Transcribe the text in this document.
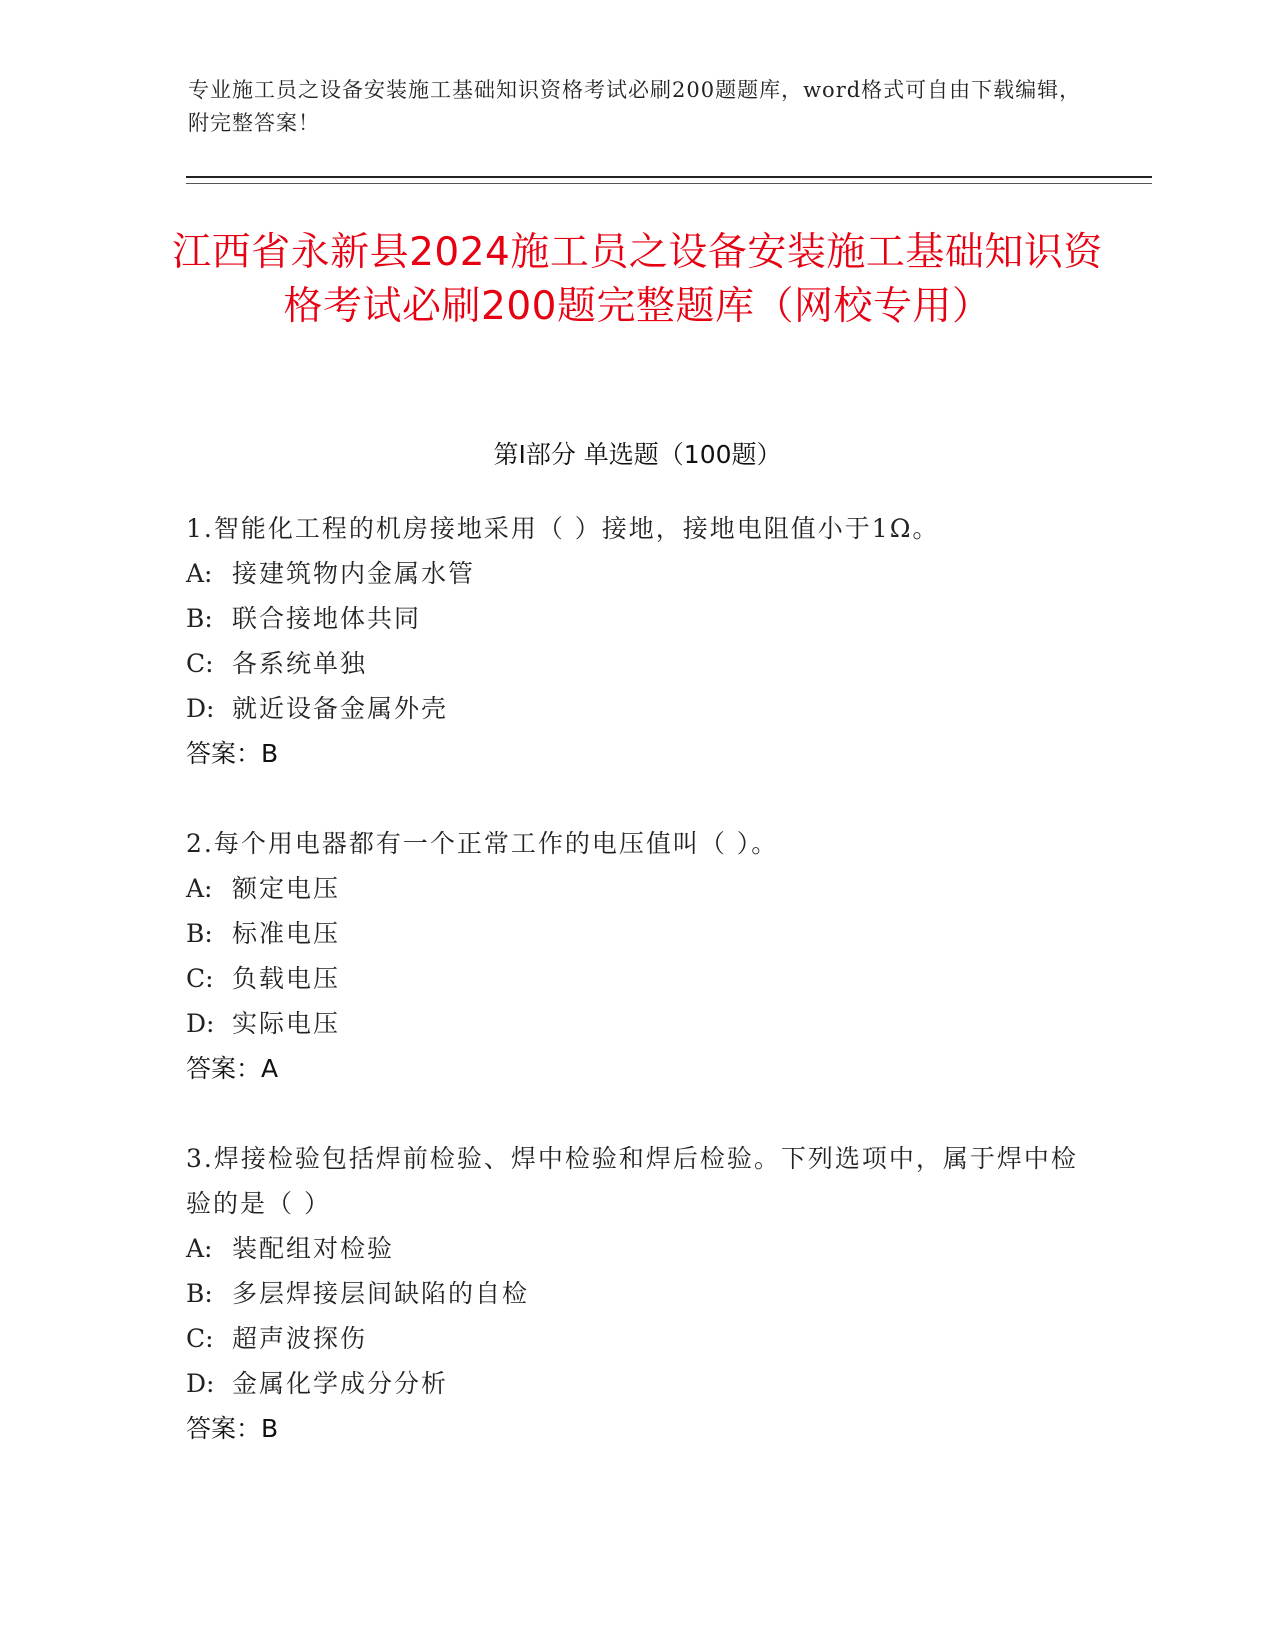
专业施工员之设备安装施工基础知识资格考试必刷200题题库，word格式可自由下载编辑，附完整答案！
江西省永新县2024施工员之设备安装施工基础知识资格考试必刷200题完整题库（网校专用）
第Ⅰ部分 单选题（100题）
1.智能化工程的机房接地采用（ ）接地，接地电阻值小于1Ω。
A: 接建筑物内金属水管
B: 联合接地体共同
C: 各系统单独
D: 就近设备金属外壳
答案：B
2.每个用电器都有一个正常工作的电压值叫（ ）。
A: 额定电压
B: 标准电压
C: 负载电压
D: 实际电压
答案：A
3.焊接检验包括焊前检验、焊中检验和焊后检验。下列选项中，属于焊中检验的是（ ）
A: 装配组对检验
B: 多层焊接层间缺陷的自检
C: 超声波探伤
D: 金属化学成分分析
答案：B
